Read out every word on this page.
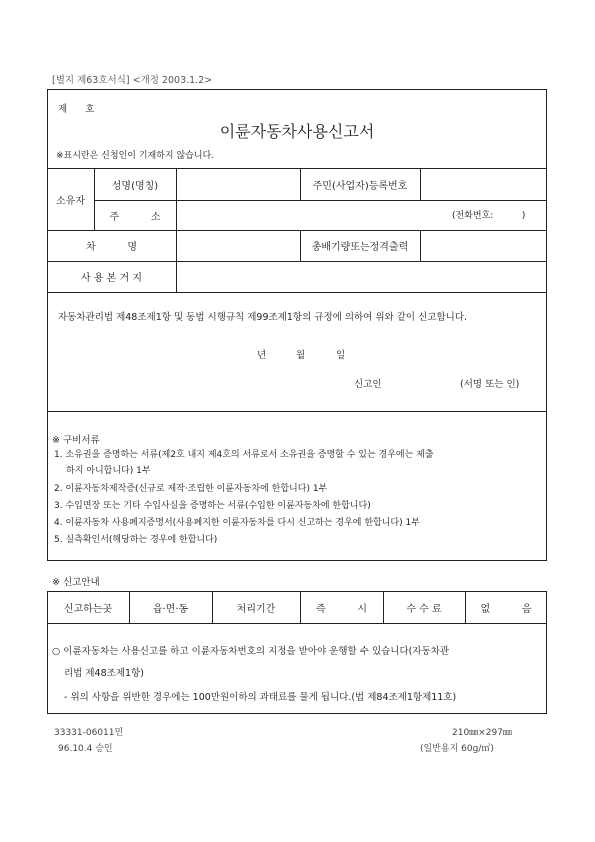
[별지 제63호서식] <개정 2003.1.2>
제      호
이륜자동차사용신고서
※표시란은 신청인이 기재하지 않습니다.
소유자
성명(명칭)	주민(사업자)등록번호
주          소	(전화번호:          )
차          명	총배기량또는정격출력
사 용 본 거 지
자동차관리법 제48조제1항 및 동법 시행규칙 제99조제1항의 규정에 의하여 위와 같이 신고합니다.
년	월	일
신고인	(서명 또는 인)
※ 구비서류
1. 소유권을 증명하는 서류(제2호 내지 제4호의 서류로서 소유권을 증명할 수 있는 경우에는 제출
하지 아니합니다) 1부
2. 이륜자동차제작증(신규로 제작·조립한 이륜자동차에 한합니다) 1부
3. 수입면장 또는 기타 수입사실을 증명하는 서류(수입한 이륜자동차에 한합니다)
4. 이륜자동차 사용폐지증명서(사용폐지한 이륜자동차를 다시 신고하는 경우에 한합니다) 1부
5. 실측확인서(해당하는 경우에 한합니다)
※ 신고안내
신고하는곳	읍·면·동	처리기간	즉          시	수 수 료	없          음
○ 이륜자동차는 사용신고를 하고 이륜자동차번호의 지정을 받아야 운행할 수 있습니다(자동차관
리법 제48조제1항)
- 위의 사항을 위반한 경우에는 100만원이하의 과태료를 물게 됩니다.(법 제84조제1항제11호)
33331-06011민
96.10.4 승인
210㎜×297㎜
(일반용지 60g/㎡)
